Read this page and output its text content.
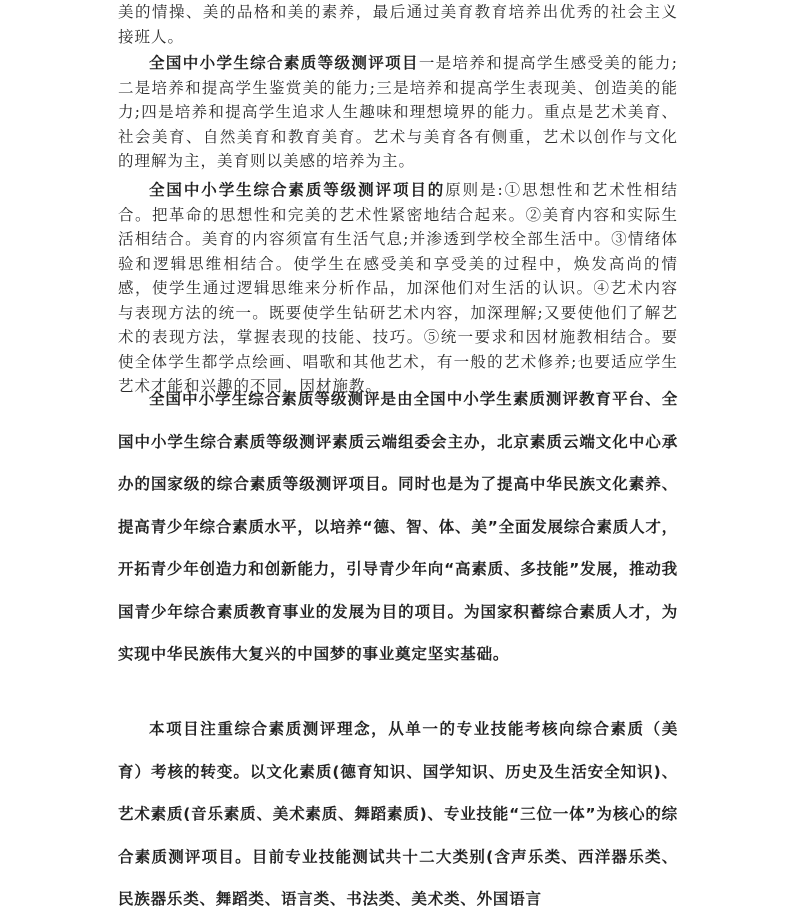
美的情操、美的品格和美的素养，最后通过美育教育培养出优秀的社会主义接班人。

全国中小学生综合素质等级测评项目一是培养和提高学生感受美的能力;二是培养和提高学生鉴赏美的能力;三是培养和提高学生表现美、创造美的能力;四是培养和提高学生追求人生趣味和理想境界的能力。重点是艺术美育、社会美育、自然美育和教育美育。艺术与美育各有侧重，艺术以创作与文化的理解为主，美育则以美感的培养为主。

全国中小学生综合素质等级测评项目的原则是:①思想性和艺术性相结合。把革命的思想性和完美的艺术性紧密地结合起来。②美育内容和实际生活相结合。美育的内容须富有生活气息;并渗透到学校全部生活中。③情绪体验和逻辑思维相结合。使学生在感受美和享受美的过程中，焕发高尚的情感，使学生通过逻辑思维来分析作品，加深他们对生活的认识。④艺术内容与表现方法的统一。既要使学生钻研艺术内容，加深理解;又要使他们了解艺术的表现方法，掌握表现的技能、技巧。⑤统一要求和因材施教相结合。要使全体学生都学点绘画、唱歌和其他艺术，有一般的艺术修养;也要适应学生艺术才能和兴趣的不同，因材施教。

全国中小学生综合素质等级测评是由全国中小学生素质测评教育平台、全国中小学生综合素质等级测评素质云端组委会主办，北京素质云端文化中心承办的国家级的综合素质等级测评项目。同时也是为了提高中华民族文化素养、提高青少年综合素质水平，以培养“德、智、体、美”全面发展综合素质人才，开拓青少年创造力和创新能力，引导青少年向“高素质、多技能”发展，推动我国青少年综合素质教育事业的发展为目的项目。为国家积蓄综合素质人才，为实现中华民族伟大复兴的中国梦的事业奠定坚实基础。

本项目注重综合素质测评理念，从单一的专业技能考核向综合素质（美育）考核的转变。以文化素质(德育知识、国学知识、历史及生活安全知识)、艺术素质(音乐素质、美术素质、舞蹈素质)、专业技能“三位一体”为核心的综合素质测评项目。目前专业技能测试共十二大类别(含声乐类、西洋器乐类、民族器乐类、舞蹈类、语言类、书法类、美术类、外国语言
